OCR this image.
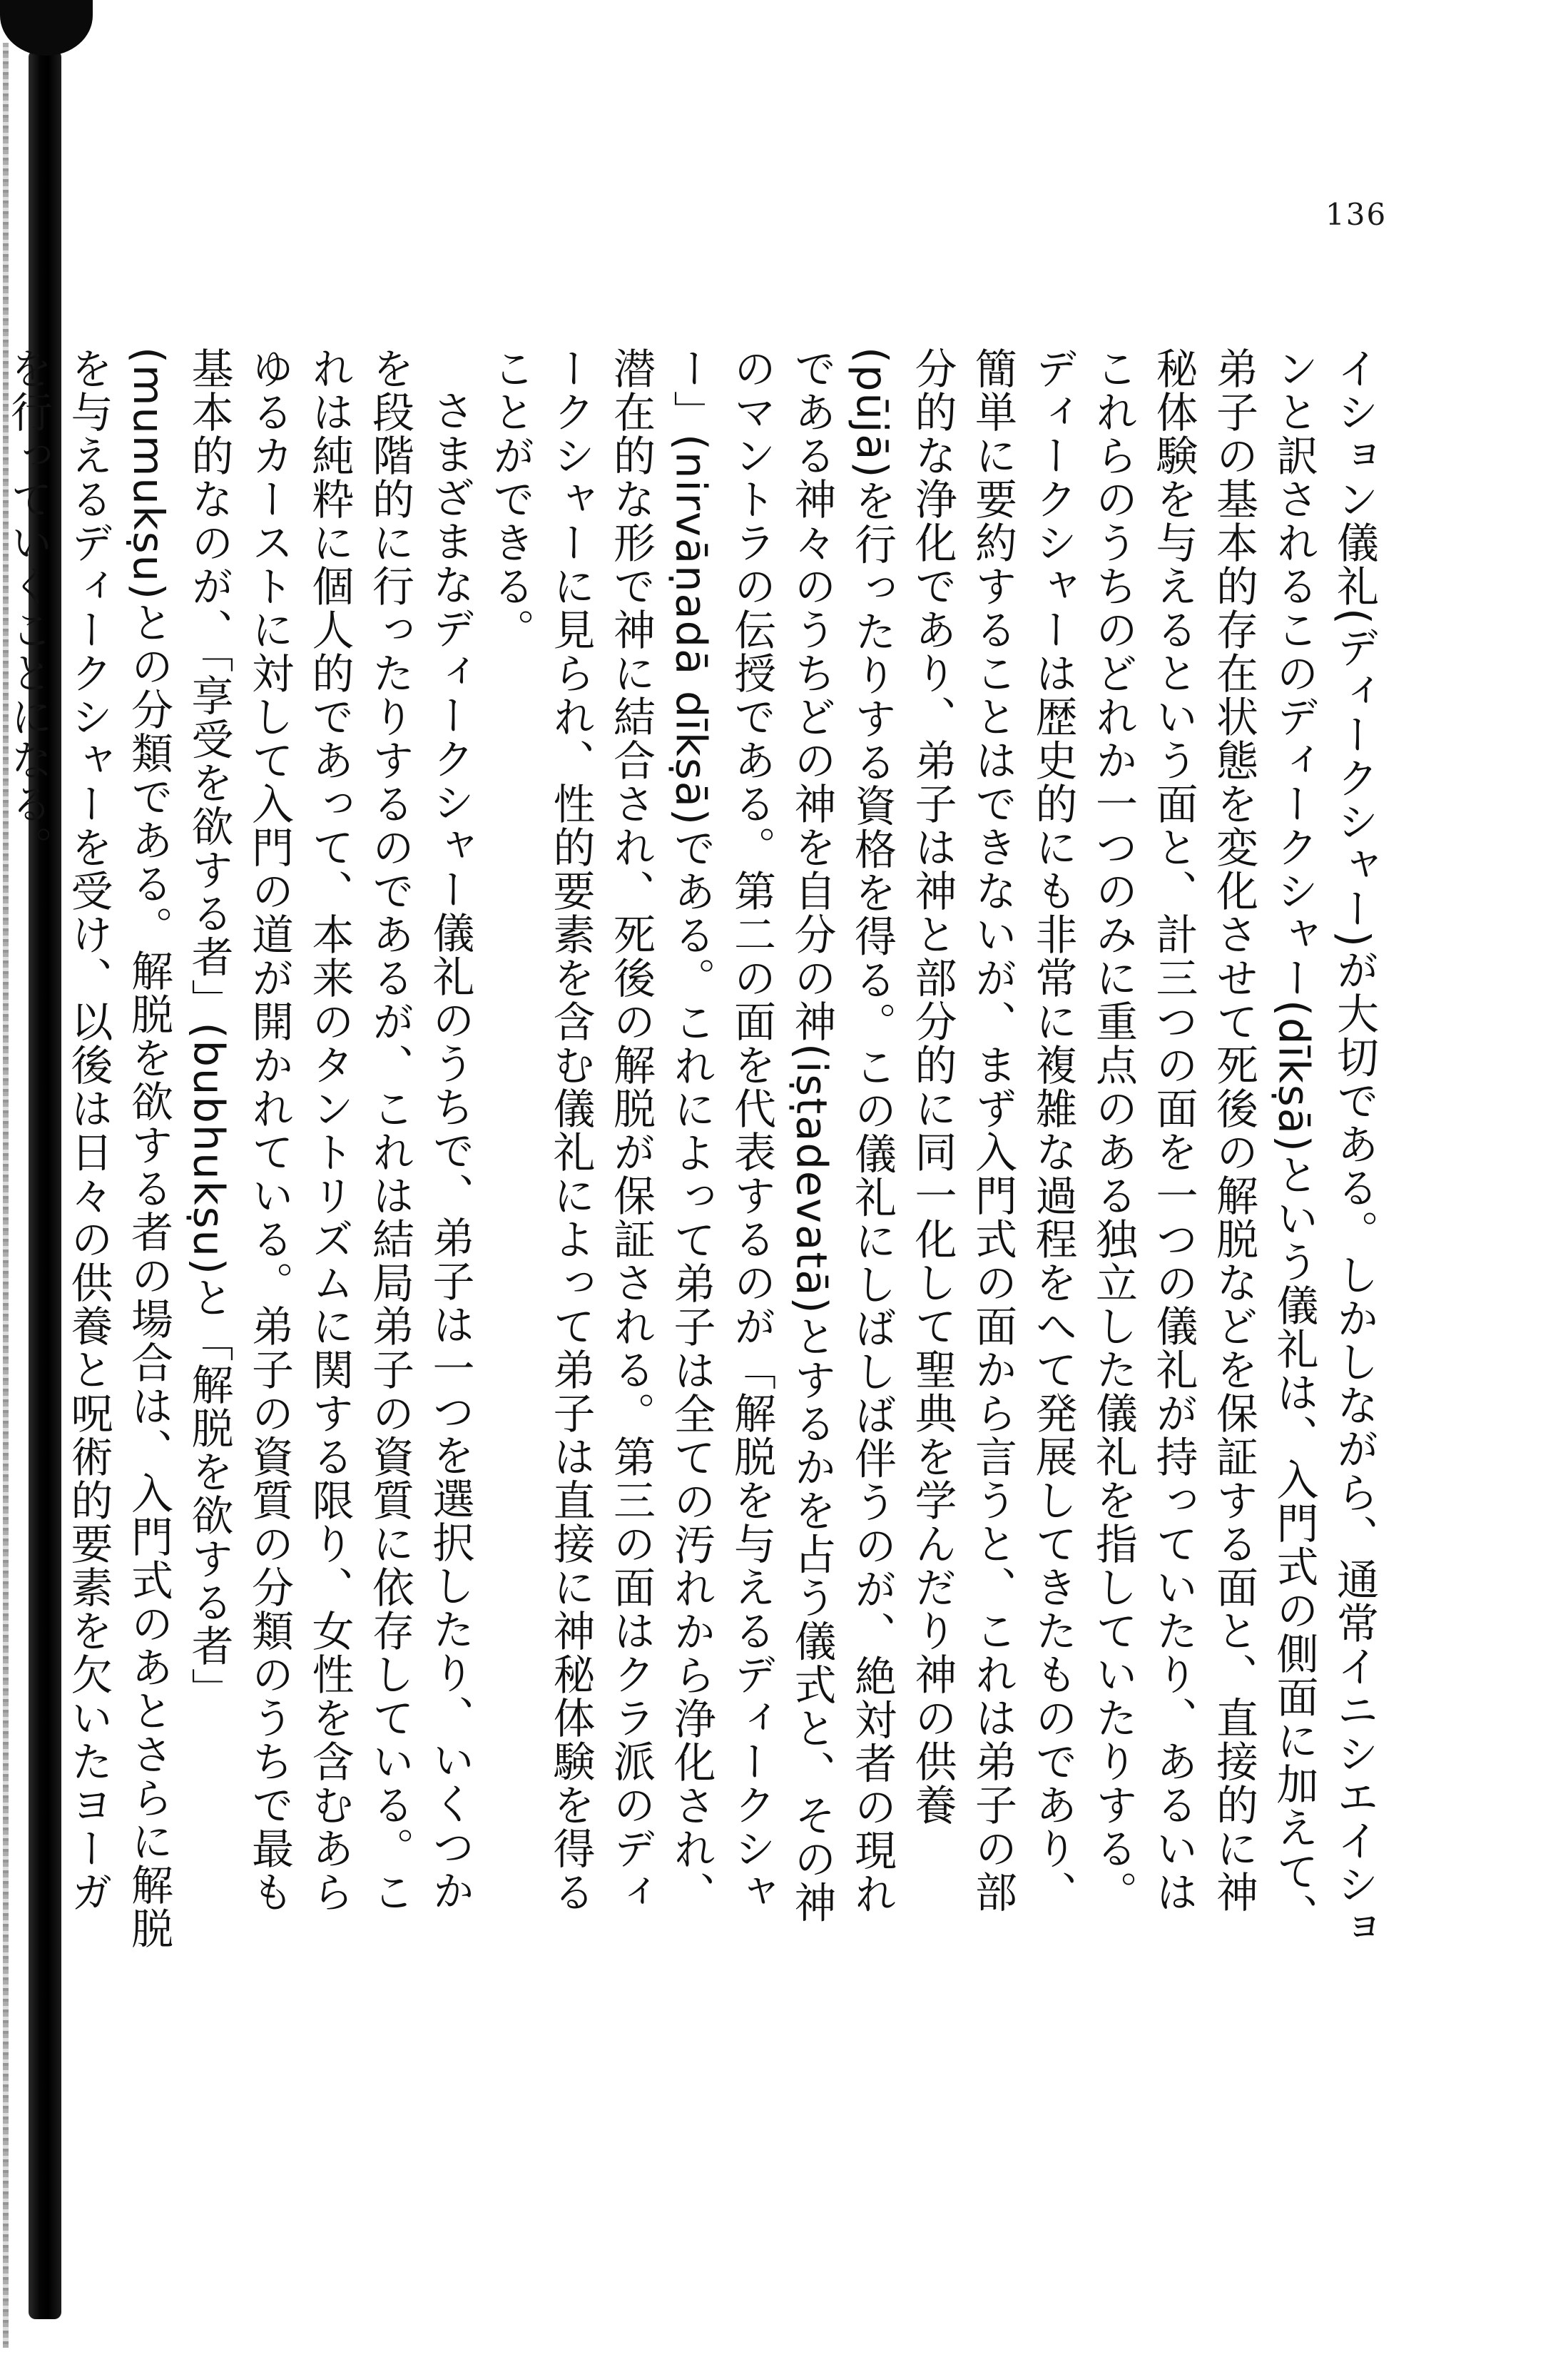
136

イション儀礼(ディークシャー)が大切である。しかしながら、通常イニシエイションと訳されるこのディークシャー(dīkṣā)という儀礼は、入門式の側面に加えて、弟子の基本的存在状態を変化させて死後の解脱などを保証する面と、直接的に神秘体験を与えるという面と、計三つの面を一つの儀礼が持っていたり、あるいはこれらのうちのどれか一つのみに重点のある独立した儀礼を指していたりする。ディークシャーは歴史的にも非常に複雑な過程をへて発展してきたものであり、簡単に要約することはできないが、まず入門式の面から言うと、これは弟子の部分的な浄化であり、弟子は神と部分的に同一化して聖典を学んだり神の供養(pūjā)を行ったりする資格を得る。この儀礼にしばしば伴うのが、絶対者の現れである神々のうちどの神を自分の神(iṣṭadevatā)とするかを占う儀式と、その神のマントラの伝授である。第二の面を代表するのが「解脱を与えるディークシャー」(nirvāṇadā dīkṣā)である。これによって弟子は全ての汚れから浄化され、潜在的な形で神に結合され、死後の解脱が保証される。第三の面はクラ派のディークシャーに見られ、性的要素を含む儀礼によって弟子は直接に神秘体験を得ることができる。

さまざまなディークシャー儀礼のうちで、弟子は一つを選択したり、いくつかを段階的に行ったりするのであるが、これは結局弟子の資質に依存している。これは純粋に個人的であって、本来のタントリズムに関する限り、女性を含むあらゆるカーストに対して入門の道が開かれている。弟子の資質の分類のうちで最も基本的なのが、「享受を欲する者」(bubhukṣu)と「解脱を欲する者」(mumukṣu)との分類である。解脱を欲する者の場合は、入門式のあとさらに解脱を与えるディークシャーを受け、以後は日々の供養と呪術的要素を欠いたヨーガを行っていくことになる。
